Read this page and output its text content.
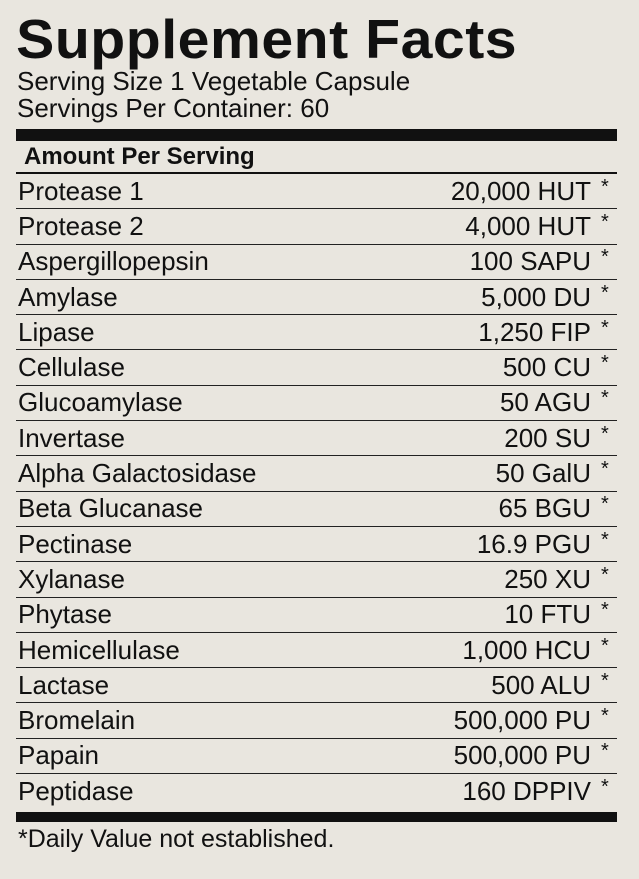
Supplement Facts
Serving Size 1 Vegetable Capsule
Servings Per Container: 60
Amount Per Serving
Protease 1	20,000 HUT *
Protease 2	4,000 HUT *
Aspergillopepsin	100 SAPU *
Amylase	5,000 DU *
Lipase	1,250 FIP *
Cellulase	500 CU *
Glucoamylase	50 AGU *
Invertase	200 SU *
Alpha Galactosidase	50 GalU *
Beta Glucanase	65 BGU *
Pectinase	16.9 PGU *
Xylanase	250 XU *
Phytase	10 FTU *
Hemicellulase	1,000 HCU *
Lactase	500 ALU *
Bromelain	500,000 PU *
Papain	500,000 PU *
Peptidase	160 DPPIV *
*Daily Value not established.
